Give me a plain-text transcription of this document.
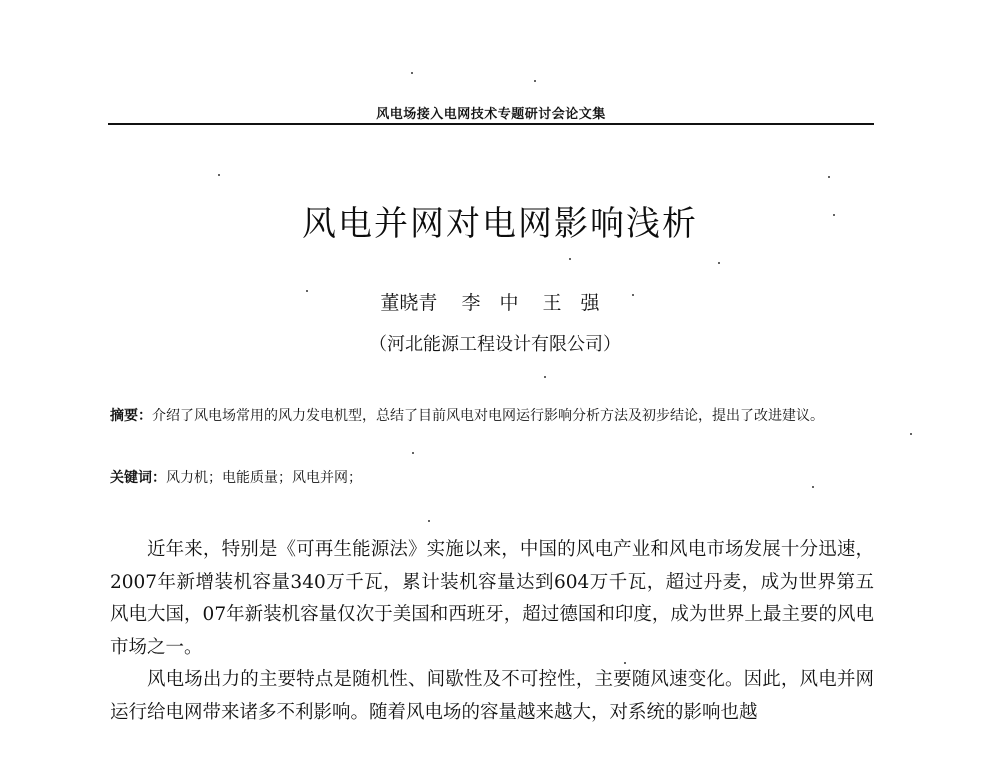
风电场接入电网技术专题研讨会论文集
风电并网对电网影响浅析
董晓青 李　中 王　强
（河北能源工程设计有限公司）
摘要：介绍了风电场常用的风力发电机型，总结了目前风电对电网运行影响分析方法及初步结论，提出了改进建议。
关键词：风力机；电能质量；风电并网；

近年来，特别是《可再生能源法》实施以来，中国的风电产业和风电市场发展十分迅速，2007年新增装机容量340万千瓦，累计装机容量达到604万千瓦，超过丹麦，成为世界第五风电大国，07年新装机容量仅次于美国和西班牙，超过德国和印度，成为世界上最主要的风电市场之一。

风电场出力的主要特点是随机性、间歇性及不可控性，主要随风速变化。因此，风电并网运行给电网带来诸多不利影响。随着风电场的容量越来越大，对系统的影响也越
